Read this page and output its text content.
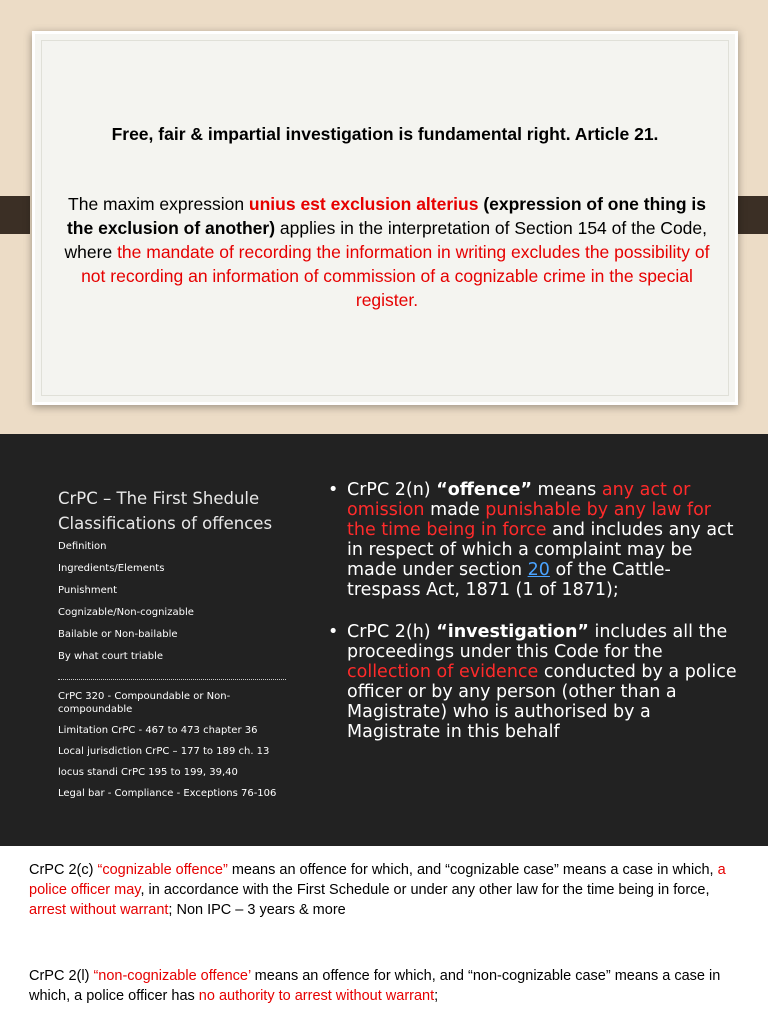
Free, fair & impartial investigation is fundamental right. Article 21.
The maxim expression unius est exclusion alterius (expression of one thing is the exclusion of another) applies in the interpretation of Section 154 of the Code, where the mandate of recording the information in writing excludes the possibility of not recording an information of commission of a cognizable crime in the special register.
CrPC – The First Shedule
Classifications of offences
Definition
Ingredients/Elements
Punishment
Cognizable/Non-cognizable
Bailable or Non-bailable
By what court triable
CrPC 320 - Compoundable or Non-compoundable
Limitation CrPC - 467 to 473 chapter 36
Local jurisdiction CrPC – 177 to 189 ch. 13
locus standi CrPC 195 to 199, 39,40
Legal bar - Compliance - Exceptions 76-106
• CrPC 2(n) “offence” means any act or omission made punishable by any law for the time being in force and includes any act in respect of which a complaint may be made under section 20 of the Cattle-trespass Act, 1871 (1 of 1871);
• CrPC 2(h) “investigation” includes all the proceedings under this Code for the collection of evidence conducted by a police officer or by any person (other than a Magistrate) who is authorised by a Magistrate in this behalf
CrPC 2(c) “cognizable offence” means an offence for which, and “cognizable case” means a case in which, a police officer may, in accordance with the First Schedule or under any other law for the time being in force, arrest without warrant; Non IPC – 3 years & more
CrPC 2(l) “non-cognizable offence’ means an offence for which, and “non-cognizable case” means a case in which, a police officer has no authority to arrest without warrant;
